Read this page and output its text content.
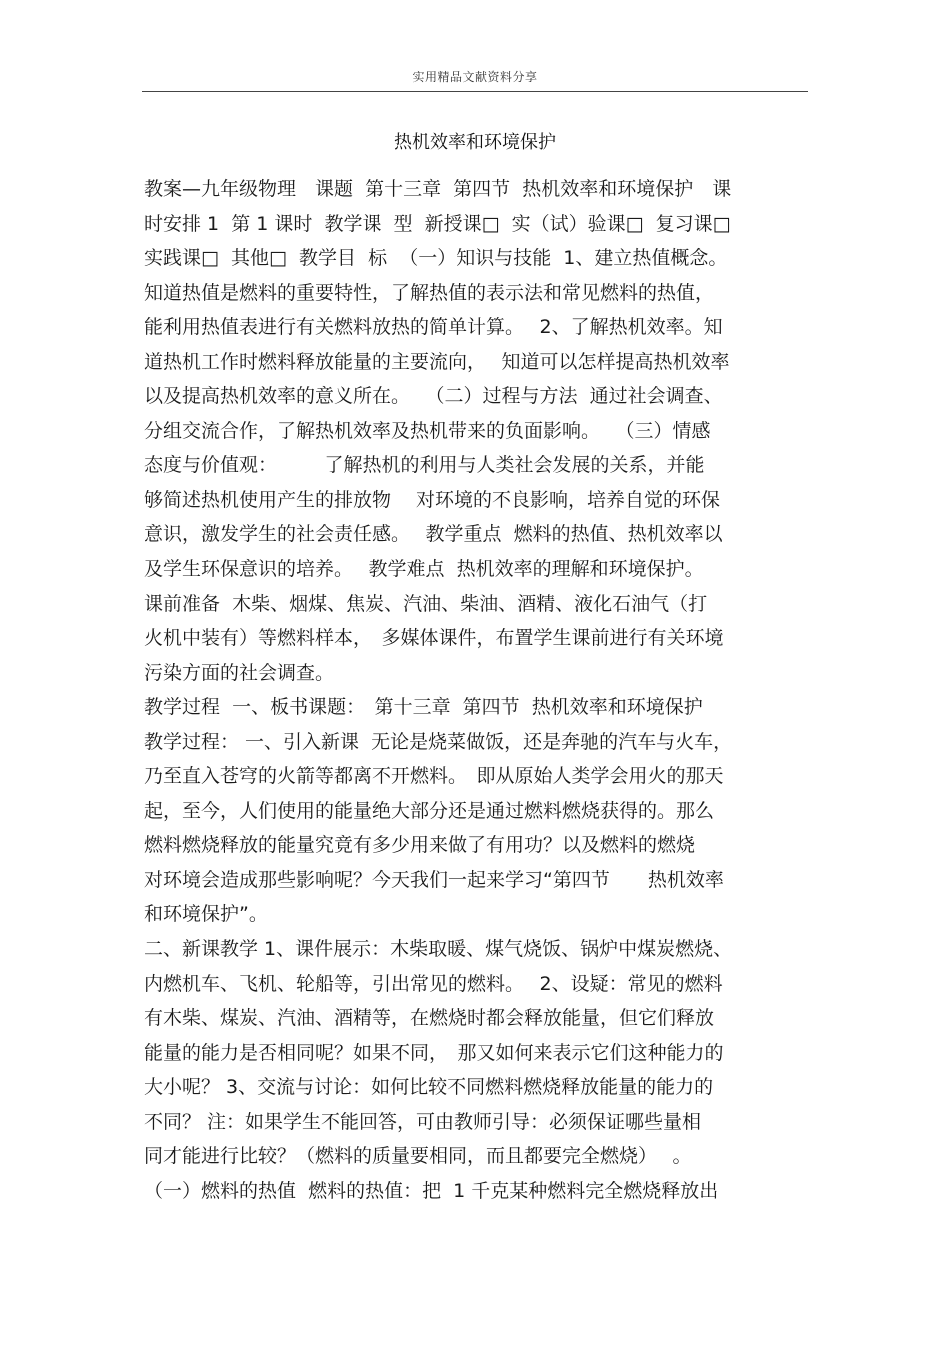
实用精品文献资料分享
热机效率和环境保护
教案—九年级物理　课题  第十三章  第四节  热机效率和环境保护　课
时安排 1  第 1 课时  教学课  型  新授课□  实（试）验课□  复习课□
实践课□  其他□  教学目  标  （一）知识与技能  1、建立热值概念。
知道热值是燃料的重要特性，了解热值的表示法和常见燃料的热值，
能利用热值表进行有关燃料放热的简单计算。　 2、了解热机效率。知
道热机工作时燃料释放能量的主要流向，　 知道可以怎样提高热机效率
以及提高热机效率的意义所在。　 （二）过程与方法  通过社会调查、
分组交流合作，了解热机效率及热机带来的负面影响。　 （三）情感
态度与价值观：　　　了解热机的利用与人类社会发展的关系，并能
够简述热机使用产生的排放物　 对环境的不良影响，培养自觉的环保
意识，激发学生的社会责任感。　 教学重点  燃料的热值、热机效率以
及学生环保意识的培养。　 教学难点  热机效率的理解和环境保护。
课前准备  木柴、烟煤、焦炭、汽油、柴油、酒精、液化石油气（打
火机中装有）等燃料样本，　多媒体课件，布置学生课前进行有关环境
污染方面的社会调查。
教学过程  一、板书课题：　第十三章  第四节  热机效率和环境保护
教学过程： 一、引入新课  无论是烧菜做饭，还是奔驰的汽车与火车，
乃至直入苍穹的火箭等都离不开燃料。　即从原始人类学会用火的那天
起，至今，人们使用的能量绝大部分还是通过燃料燃烧获得的。那么
燃料燃烧释放的能量究竟有多少用来做了有用功？以及燃料的燃烧
对环境会造成那些影响呢？今天我们一起来学习“第四节　　热机效率
和环境保护”。
二、新课教学 1、课件展示：木柴取暖、煤气烧饭、锅炉中煤炭燃烧、
内燃机车、飞机、轮船等，引出常见的燃料。　 2、设疑：常见的燃料
有木柴、煤炭、汽油、酒精等，在燃烧时都会释放能量，但它们释放
能量的能力是否相同呢？如果不同，　那又如何来表示它们这种能力的
大小呢？ 3、交流与讨论：如何比较不同燃料燃烧释放能量的能力的
不同？ 注：如果学生不能回答，可由教师引导：必须保证哪些量相
同才能进行比较？（燃料的质量要相同，而且都要完全燃烧）　 。
（一）燃料的热值  燃料的热值：把  1 千克某种燃料完全燃烧释放出
